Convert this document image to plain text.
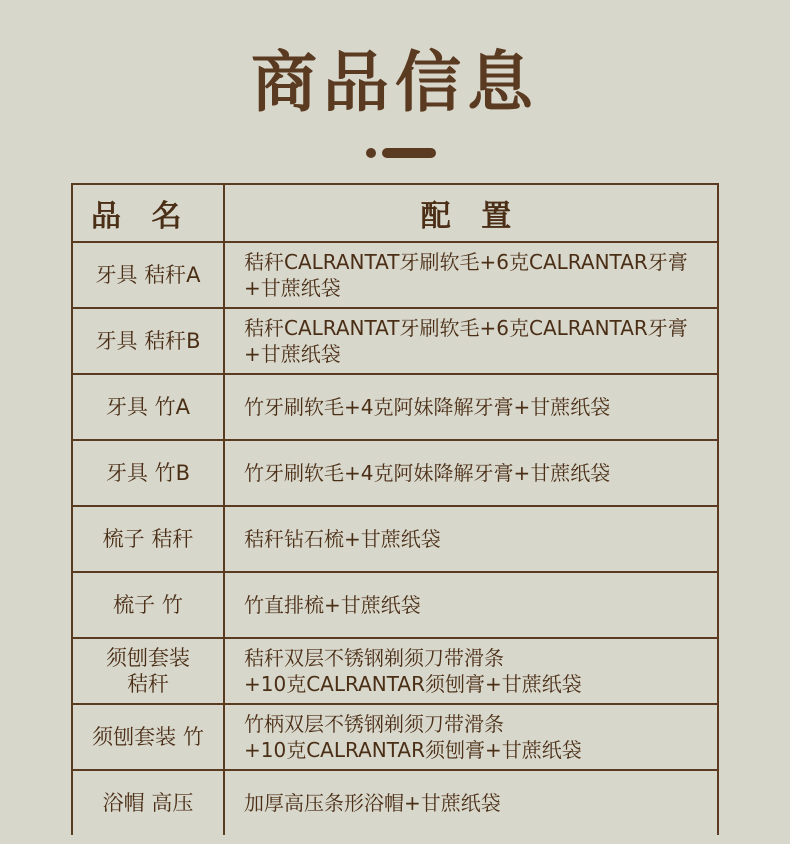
商品信息
品 名	配 置
牙具 秸秆A	秸秆CALRANTAT牙刷软毛+6克CALRANTAR牙膏
+甘蔗纸袋
牙具 秸秆B	秸秆CALRANTAT牙刷软毛+6克CALRANTAR牙膏
+甘蔗纸袋
牙具 竹A	竹牙刷软毛+4克阿妹降解牙膏+甘蔗纸袋
牙具 竹B	竹牙刷软毛+4克阿妹降解牙膏+甘蔗纸袋
梳子 秸秆	秸秆钻石梳+甘蔗纸袋
梳子 竹	竹直排梳+甘蔗纸袋
须刨套装
秸秆	秸秆双层不锈钢剃须刀带滑条
+10克CALRANTAR须刨膏+甘蔗纸袋
须刨套装 竹	竹柄双层不锈钢剃须刀带滑条
+10克CALRANTAR须刨膏+甘蔗纸袋
浴帽 高压	加厚高压条形浴帽+甘蔗纸袋
